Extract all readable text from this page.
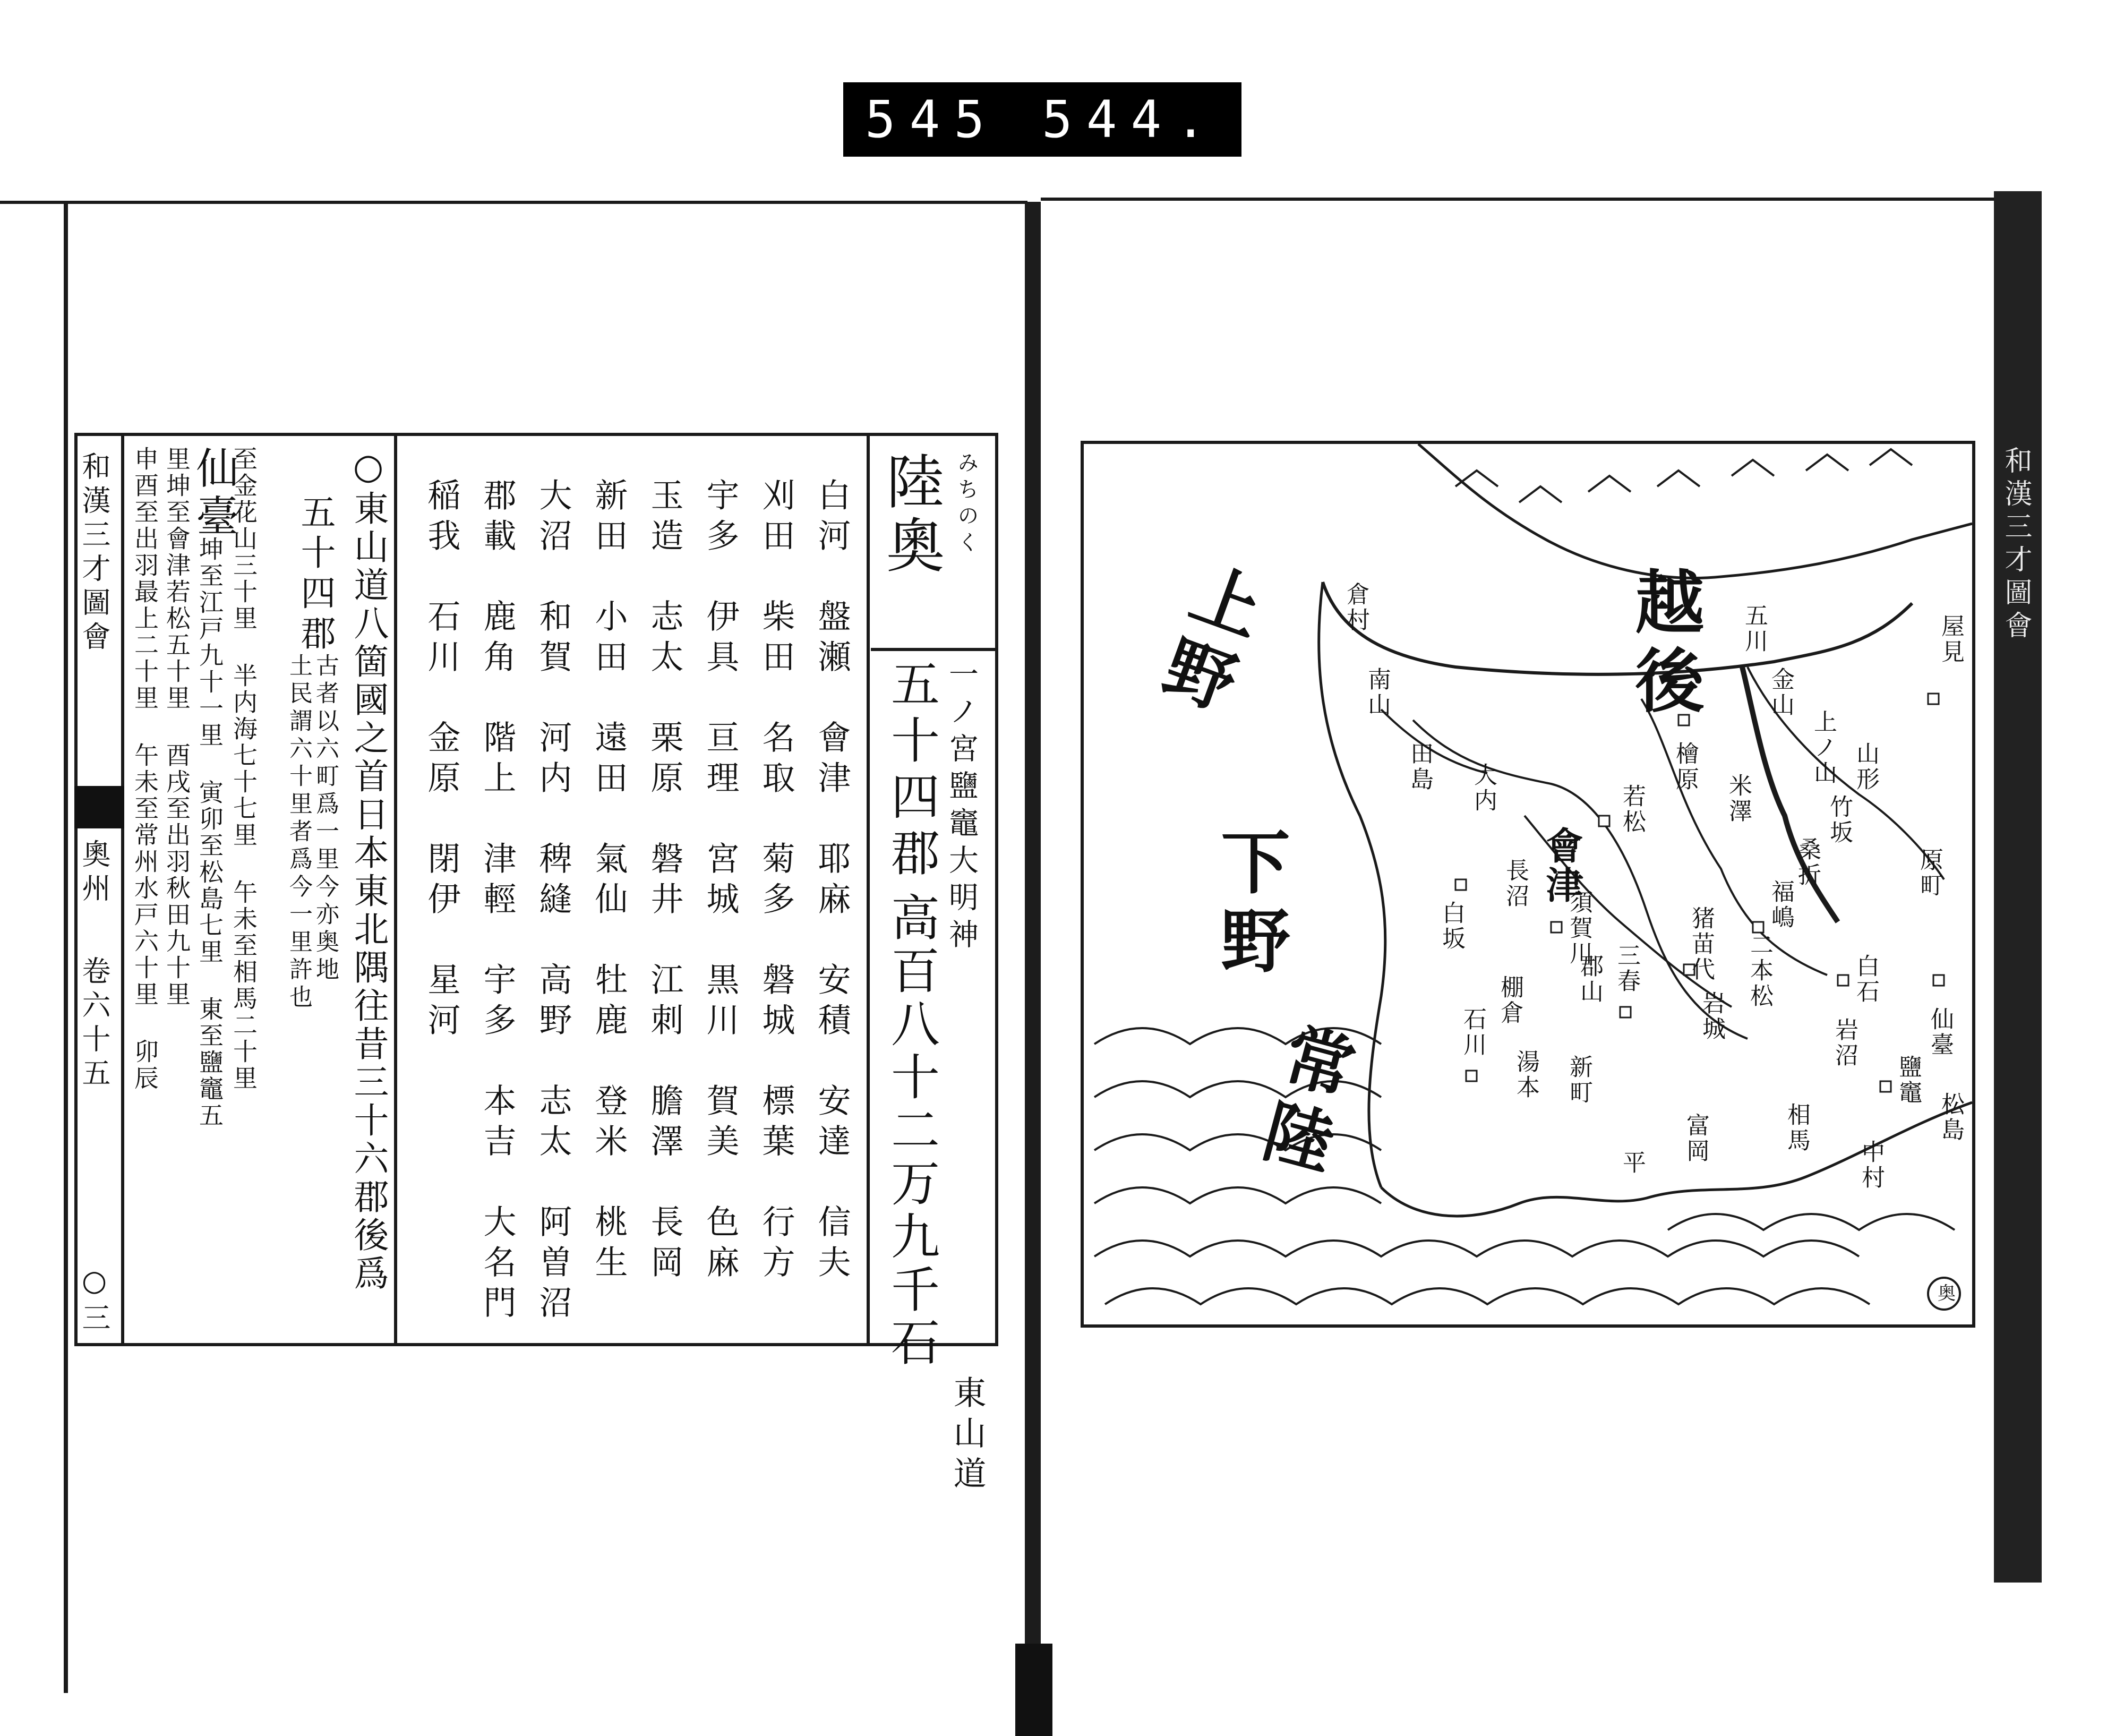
545 544.
和漢三才圖會
奧州
卷六十五
○三
仙臺
坤至江戸九十一里 寅卯至松島七里 東至鹽竈五
里坤至會津若松五十里 酉戌至出羽秋田九十里
申酉至出羽最上二十里 午未至常州水戸六十里 卯辰	至金花山三十里 半内海七十七里 午未至相馬二十里	○東山道八箇國之首日本東北隅往昔三十六郡後爲
五十四郡
古者以六町爲一里今亦奥地
土民謂六十里者爲今一里許也
白河　盤瀬　會津　耶麻　安積　安達　信夫
刈田　柴田　名取　菊多　磐城　標葉　行方
宇多　伊具　亘理　宮城　黒川　賀美　色麻
玉造　志太　栗原　磐井　江刺　膽澤　長岡
新田　小田　遠田　氣仙　牡鹿　登米　桃生
大沼　和賀　河内　稗縫　高野　志太　阿曽沼
郡載　鹿角　階上　津輕　宇多　本吉　大名門
稲我　石川　金原　閉伊　星河
陸奧 みちのく
一ノ宮鹽竈大明神
五十四郡
高百八十二万九千石
東山道
和漢三才圖會
越後
上野
下野
常陸
會津
若松
猪苗代
白坂
長沼
須賀川
三春
郡山	二本松
岩城
平 富岡
新町
湯本
棚倉
石川
相馬
中村
仙臺
鹽竈
松島
岩沼
白石
福嶋
桑折
米澤
山形
上ノ山
金山
五川	屋見
檜原
大内
田島
南山
倉村
竹坂
原町
奥
